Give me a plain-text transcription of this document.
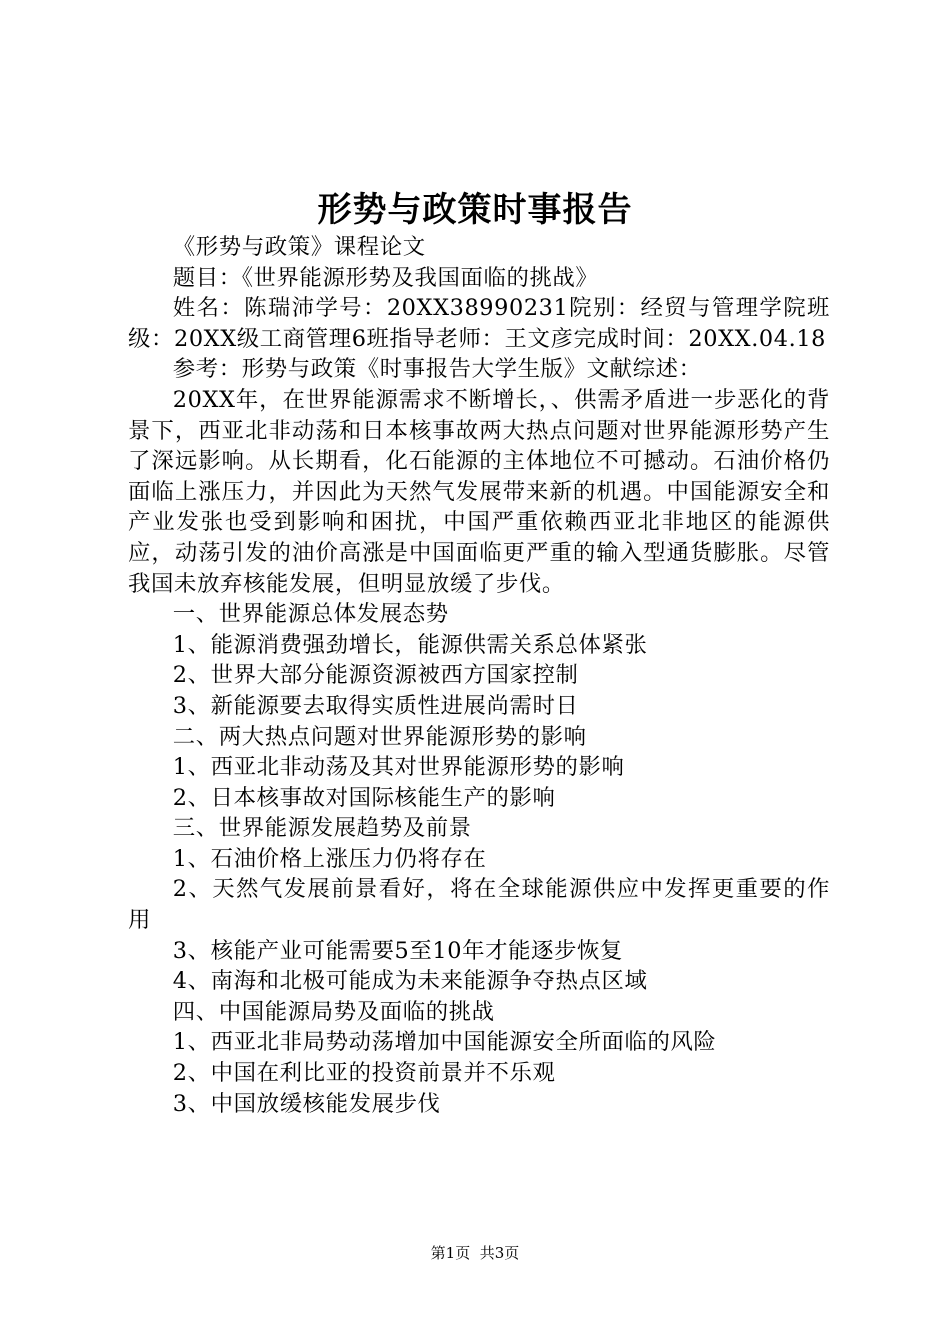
形势与政策时事报告

《形势与政策》课程论文

题目：《世界能源形势及我国面临的挑战》

姓名：陈瑞沛学号：20XX38990231院别：经贸与管理学院班级：20XX级工商管理6班指导老师：王文彦完成时间：20XX.04.18

参考：形势与政策《时事报告大学生版》文献综述：

20XX年，在世界能源需求不断增长，、供需矛盾进一步恶化的背景下，西亚北非动荡和日本核事故两大热点问题对世界能源形势产生了深远影响。从长期看，化石能源的主体地位不可撼动。石油价格仍面临上涨压力，并因此为天然气发展带来新的机遇。中国能源安全和产业发张也受到影响和困扰，中国严重依赖西亚北非地区的能源供应，动荡引发的油价高涨是中国面临更严重的输入型通货膨胀。尽管我国未放弃核能发展，但明显放缓了步伐。

一、世界能源总体发展态势

1、能源消费强劲增长，能源供需关系总体紧张

2、世界大部分能源资源被西方国家控制

3、新能源要去取得实质性进展尚需时日

二、两大热点问题对世界能源形势的影响

1、西亚北非动荡及其对世界能源形势的影响

2、日本核事故对国际核能生产的影响

三、世界能源发展趋势及前景

1、石油价格上涨压力仍将存在

2、天然气发展前景看好，将在全球能源供应中发挥更重要的作用

3、核能产业可能需要5至10年才能逐步恢复

4、南海和北极可能成为未来能源争夺热点区域

四、中国能源局势及面临的挑战

1、西亚北非局势动荡增加中国能源安全所面临的风险

2、中国在利比亚的投资前景并不乐观

3、中国放缓核能发展步伐

第1页 共3页
